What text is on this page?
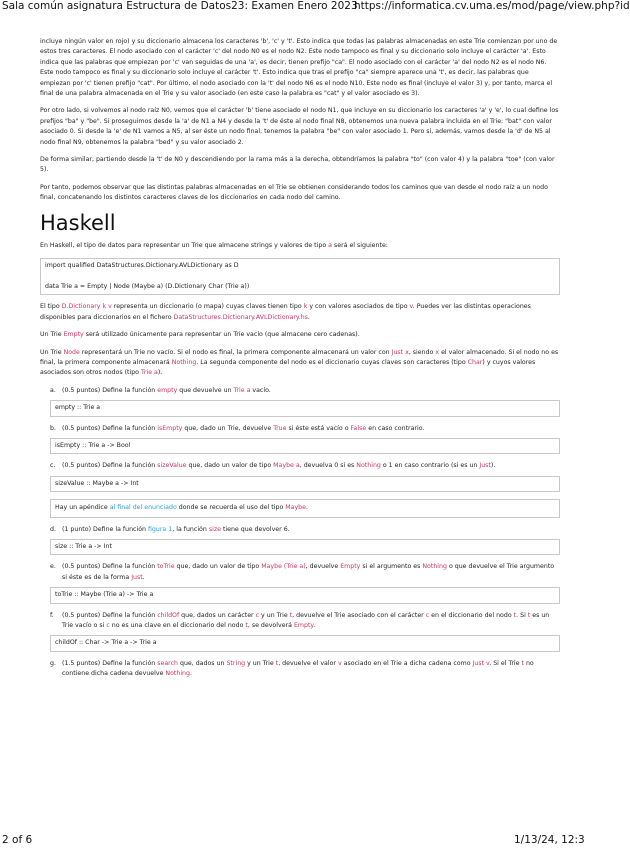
Sala común asignatura Estructura de Datos23: Examen Enero 2023
https://informatica.cv.uma.es/mod/page/view.php?id

incluye ningún valor en rojo) y su diccionario almacena los caracteres 'b', 'c' y 't'. Esto indica que todas las palabras almacenadas en este Trie comienzan por uno de estos tres caracteres. El nodo asociado con el carácter 'c' del nodo N0 es el nodo N2. Este nodo tampoco es final y su diccionario solo incluye el carácter 'a'. Esto indica que las palabras que empiezan por 'c' van seguidas de una 'a', es decir, tienen prefijo "ca". El nodo asociado con el carácter 'a' del nodo N2 es el nodo N6. Este nodo tampoco es final y su diccionario solo incluye el carácter 't'. Esto indica que tras el prefijo "ca" siempre aparece una 't', es decir, las palabras que empiezan por 'c' tienen prefijo "cat". Por último, el nodo asociado con la 't' del nodo N6 es el nodo N10. Este nodo es final (incluye el valor 3) y, por tanto, marca el final de una palabra almacenada en el Trie y su valor asociado (en este caso la palabra es "cat" y el valor asociado es 3).

Por otro lado, si volvemos al nodo raíz N0, vemos que el carácter 'b' tiene asociado el nodo N1, que incluye en su diccionario los caracteres 'a' y 'e', lo cual define los prefijos "ba" y "be". Si proseguimos desde la 'a' de N1 a N4 y desde la 't' de éste al nodo final N8, obtenemos una nueva palabra incluida en el Trie: "bat" con valor asociado 0. Si desde la 'e' de N1 vamos a N5, al ser éste un nodo final, tenemos la palabra "be" con valor asociado 1. Pero si, además, vamos desde la 'd' de N5 al nodo final N9, obtenemos la palabra "bed" y su valor asociado 2.

De forma similar, partiendo desde la 't' de N0 y descendiendo por la rama más a la derecha, obtendríamos la palabra "to" (con valor 4) y la palabra "toe" (con valor 5).

Por tanto, podemos observar que las distintas palabras almacenadas en el Trie se obtienen considerando todos los caminos que van desde el nodo raíz a un nodo final, concatenando los distintos caracteres claves de los diccionarios en cada nodo del camino.

Haskell

En Haskell, el tipo de datos para representar un Trie que almacene strings y valores de tipo a será el siguiente:

import qualified DataStructures.Dictionary.AVLDictionary as D
data Trie a = Empty | Node (Maybe a) (D.Dictionary Char (Trie a))

El tipo D.Dictionary k v representa un diccionario (o mapa) cuyas claves tienen tipo k y con valores asociados de tipo v. Puedes ver las distintas operaciones disponibles para diccionarios en el fichero DataStructures.Dictionary.AVLDictionary.hs.

Un Trie Empty será utilizado únicamente para representar un Trie vacío (que almacene cero cadenas).

Un Trie Node representará un Trie no vacío. Si el nodo es final, la primera componente almacenará un valor con Just x, siendo x el valor almacenado. Si el nodo no es final, la primera componente almacenará Nothing. La segunda componente del nodo es el diccionario cuyas claves son caracteres (tipo Char) y cuyos valores asociados son otros nodos (tipo Trie a).

a. (0.5 puntos) Define la función empty que devuelve un Trie a vacío.
empty :: Trie a
b. (0.5 puntos) Define la función isEmpty que, dado un Trie, devuelve True si éste está vacío o False en caso contrario.
isEmpty :: Trie a -> Bool
c. (0.5 puntos) Define la función sizeValue que, dado un valor de tipo Maybe a, devuelva 0 si es Nothing o 1 en caso contrario (si es un Just).
sizeValue :: Maybe a -> Int
Hay un apéndice al final del enunciado donde se recuerda el uso del tipo Maybe.
d. (1 punto) Define la función figura 1, la función size tiene que devolver 6.
size :: Trie a -> Int
e. (0.5 puntos) Define la función toTrie que, dado un valor de tipo Maybe (Trie a), devuelve Empty si el argumento es Nothing o que devuelve el Trie argumento si éste es de la forma Just.
toTrie :: Maybe (Trie a) -> Trie a
f. (0.5 puntos) Define la función childOf que, dados un carácter c y un Trie t, devuelve el Trie asociado con el carácter c en el diccionario del nodo t. Si t es un Trie vacío o si c no es una clave en el diccionario del nodo t, se devolverá Empty.
childOf :: Char -> Trie a -> Trie a
g. (1.5 puntos) Define la función search que, dados un String y un Trie t, devuelve el valor v asociado en el Trie a dicha cadena como Just v. Si el Trie t no contiene dicha cadena devuelve Nothing.
2 of 6	1/13/24, 12:3
